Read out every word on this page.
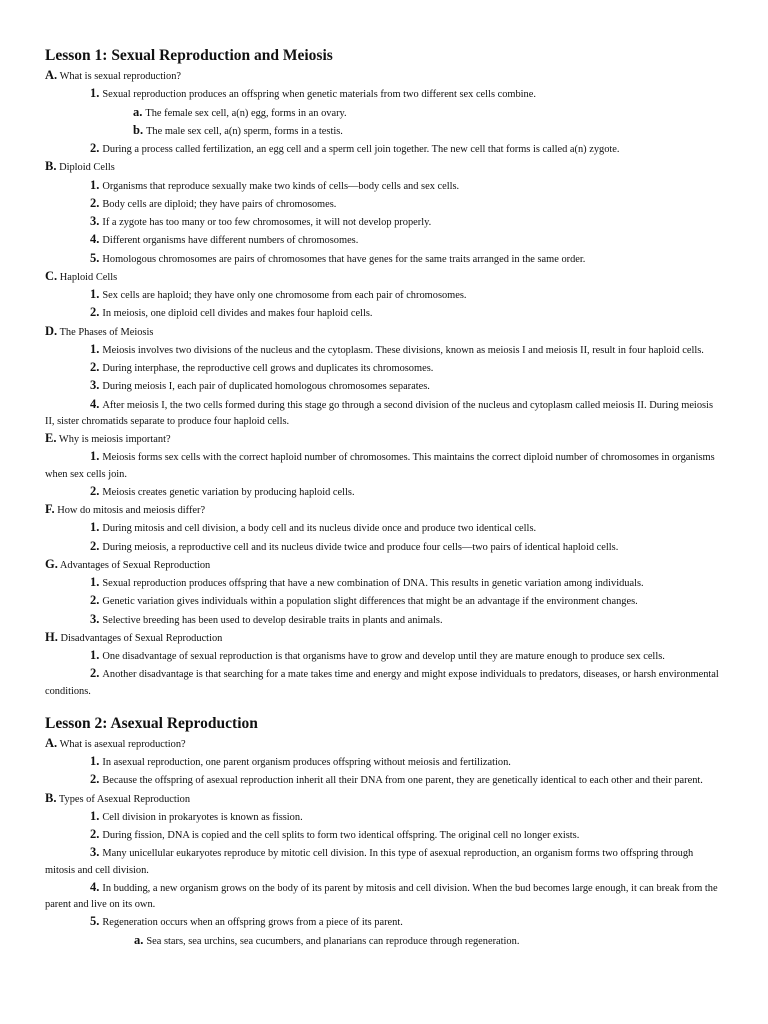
Lesson 1: Sexual Reproduction and Meiosis
A. What is sexual reproduction?
1. Sexual reproduction produces an offspring when genetic materials from two different sex cells combine.
a. The female sex cell, a(n) egg, forms in an ovary.
b. The male sex cell, a(n) sperm, forms in a testis.
2. During a process called fertilization, an egg cell and a sperm cell join together. The new cell that forms is called a(n) zygote.
B. Diploid Cells
1. Organisms that reproduce sexually make two kinds of cells—body cells and sex cells.
2. Body cells are diploid; they have pairs of chromosomes.
3. If a zygote has too many or too few chromosomes, it will not develop properly.
4. Different organisms have different numbers of chromosomes.
5. Homologous chromosomes are pairs of chromosomes that have genes for the same traits arranged in the same order.
C. Haploid Cells
1. Sex cells are haploid; they have only one chromosome from each pair of chromosomes.
2. In meiosis, one diploid cell divides and makes four haploid cells.
D. The Phases of Meiosis
1. Meiosis involves two divisions of the nucleus and the cytoplasm. These divisions, known as meiosis I and meiosis II, result in four haploid cells.
2. During interphase, the reproductive cell grows and duplicates its chromosomes.
3. During meiosis I, each pair of duplicated homologous chromosomes separates.
4. After meiosis I, the two cells formed during this stage go through a second division of the nucleus and cytoplasm called meiosis II. During meiosis II, sister chromatids separate to produce four haploid cells.
E. Why is meiosis important?
1. Meiosis forms sex cells with the correct haploid number of chromosomes. This maintains the correct diploid number of chromosomes in organisms when sex cells join.
2. Meiosis creates genetic variation by producing haploid cells.
F. How do mitosis and meiosis differ?
1. During mitosis and cell division, a body cell and its nucleus divide once and produce two identical cells.
2. During meiosis, a reproductive cell and its nucleus divide twice and produce four cells—two pairs of identical haploid cells.
G. Advantages of Sexual Reproduction
1. Sexual reproduction produces offspring that have a new combination of DNA. This results in genetic variation among individuals.
2. Genetic variation gives individuals within a population slight differences that might be an advantage if the environment changes.
3. Selective breeding has been used to develop desirable traits in plants and animals.
H. Disadvantages of Sexual Reproduction
1. One disadvantage of sexual reproduction is that organisms have to grow and develop until they are mature enough to produce sex cells.
2. Another disadvantage is that searching for a mate takes time and energy and might expose individuals to predators, diseases, or harsh environmental conditions.
Lesson 2: Asexual Reproduction
A. What is asexual reproduction?
1. In asexual reproduction, one parent organism produces offspring without meiosis and fertilization.
2. Because the offspring of asexual reproduction inherit all their DNA from one parent, they are genetically identical to each other and their parent.
B. Types of Asexual Reproduction
1. Cell division in prokaryotes is known as fission.
2. During fission, DNA is copied and the cell splits to form two identical offspring. The original cell no longer exists.
3. Many unicellular eukaryotes reproduce by mitotic cell division. In this type of asexual reproduction, an organism forms two offspring through mitosis and cell division.
4. In budding, a new organism grows on the body of its parent by mitosis and cell division. When the bud becomes large enough, it can break from the parent and live on its own.
5. Regeneration occurs when an offspring grows from a piece of its parent.
a. Sea stars, sea urchins, sea cucumbers, and planarians can reproduce through regeneration.
